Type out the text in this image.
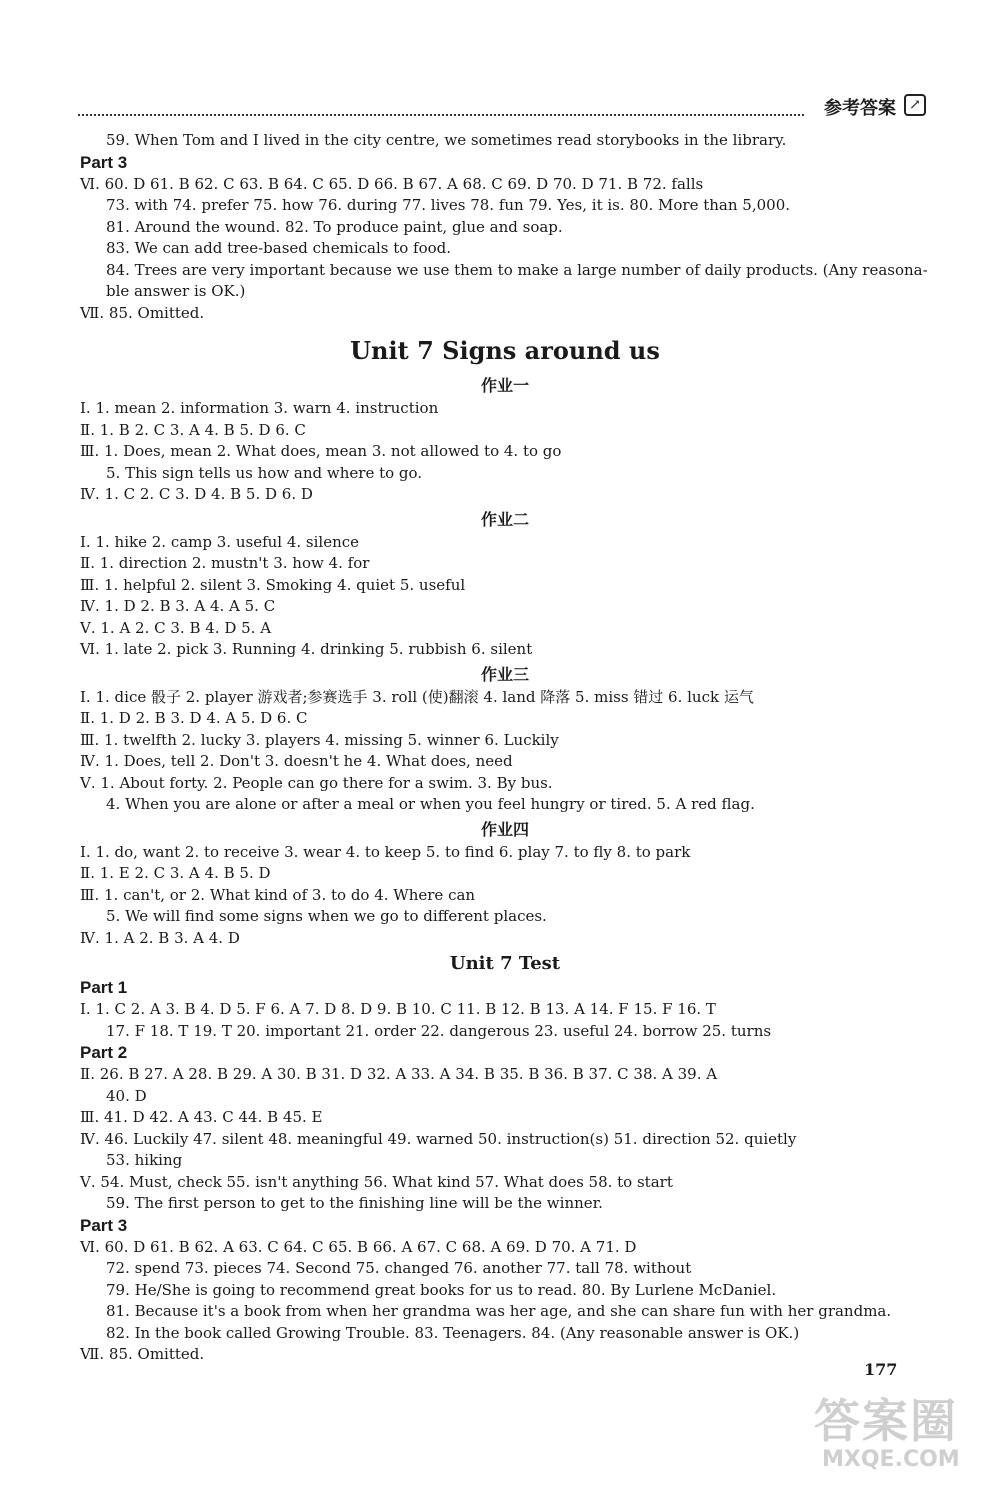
参考答案 ↗
59. When Tom and I lived in the city centre, we sometimes read storybooks in the library.
Part 3
Ⅵ. 60. D 61. B 62. C 63. B 64. C 65. D 66. B 67. A 68. C 69. D 70. D 71. B 72. falls
73. with 74. prefer 75. how 76. during 77. lives 78. fun 79. Yes, it is. 80. More than 5,000.
81. Around the wound. 82. To produce paint, glue and soap.
83. We can add tree-based chemicals to food.
84. Trees are very important because we use them to make a large number of daily products. (Any reasona-
ble answer is OK.)
Ⅶ. 85. Omitted.
Unit 7 Signs around us
作业一
Ⅰ. 1. mean 2. information 3. warn 4. instruction
Ⅱ. 1. B 2. C 3. A 4. B 5. D 6. C
Ⅲ. 1. Does, mean 2. What does, mean 3. not allowed to 4. to go
5. This sign tells us how and where to go.
Ⅳ. 1. C 2. C 3. D 4. B 5. D 6. D
作业二
Ⅰ. 1. hike 2. camp 3. useful 4. silence
Ⅱ. 1. direction 2. mustn't 3. how 4. for
Ⅲ. 1. helpful 2. silent 3. Smoking 4. quiet 5. useful
Ⅳ. 1. D 2. B 3. A 4. A 5. C
Ⅴ. 1. A 2. C 3. B 4. D 5. A
Ⅵ. 1. late 2. pick 3. Running 4. drinking 5. rubbish 6. silent
作业三
Ⅰ. 1. dice 骰子 2. player 游戏者;参赛选手 3. roll (使)翻滚 4. land 降落 5. miss 错过 6. luck 运气
Ⅱ. 1. D 2. B 3. D 4. A 5. D 6. C
Ⅲ. 1. twelfth 2. lucky 3. players 4. missing 5. winner 6. Luckily
Ⅳ. 1. Does, tell 2. Don't 3. doesn't he 4. What does, need
Ⅴ. 1. About forty. 2. People can go there for a swim. 3. By bus.
4. When you are alone or after a meal or when you feel hungry or tired. 5. A red flag.
作业四
Ⅰ. 1. do, want 2. to receive 3. wear 4. to keep 5. to find 6. play 7. to fly 8. to park
Ⅱ. 1. E 2. C 3. A 4. B 5. D
Ⅲ. 1. can't, or 2. What kind of 3. to do 4. Where can
5. We will find some signs when we go to different places.
Ⅳ. 1. A 2. B 3. A 4. D
Unit 7 Test
Part 1
Ⅰ. 1. C 2. A 3. B 4. D 5. F 6. A 7. D 8. D 9. B 10. C 11. B 12. B 13. A 14. F 15. F 16. T
17. F 18. T 19. T 20. important 21. order 22. dangerous 23. useful 24. borrow 25. turns
Part 2
Ⅱ. 26. B 27. A 28. B 29. A 30. B 31. D 32. A 33. A 34. B 35. B 36. B 37. C 38. A 39. A
40. D
Ⅲ. 41. D 42. A 43. C 44. B 45. E
Ⅳ. 46. Luckily 47. silent 48. meaningful 49. warned 50. instruction(s) 51. direction 52. quietly
53. hiking
Ⅴ. 54. Must, check 55. isn't anything 56. What kind 57. What does 58. to start
59. The first person to get to the finishing line will be the winner.
Part 3
Ⅵ. 60. D 61. B 62. A 63. C 64. C 65. B 66. A 67. C 68. A 69. D 70. A 71. D
72. spend 73. pieces 74. Second 75. changed 76. another 77. tall 78. without
79. He/She is going to recommend great books for us to read. 80. By Lurlene McDaniel.
81. Because it's a book from when her grandma was her age, and she can share fun with her grandma.
82. In the book called Growing Trouble. 83. Teenagers. 84. (Any reasonable answer is OK.)
Ⅶ. 85. Omitted.
177
答案圈
MXQE.COM
